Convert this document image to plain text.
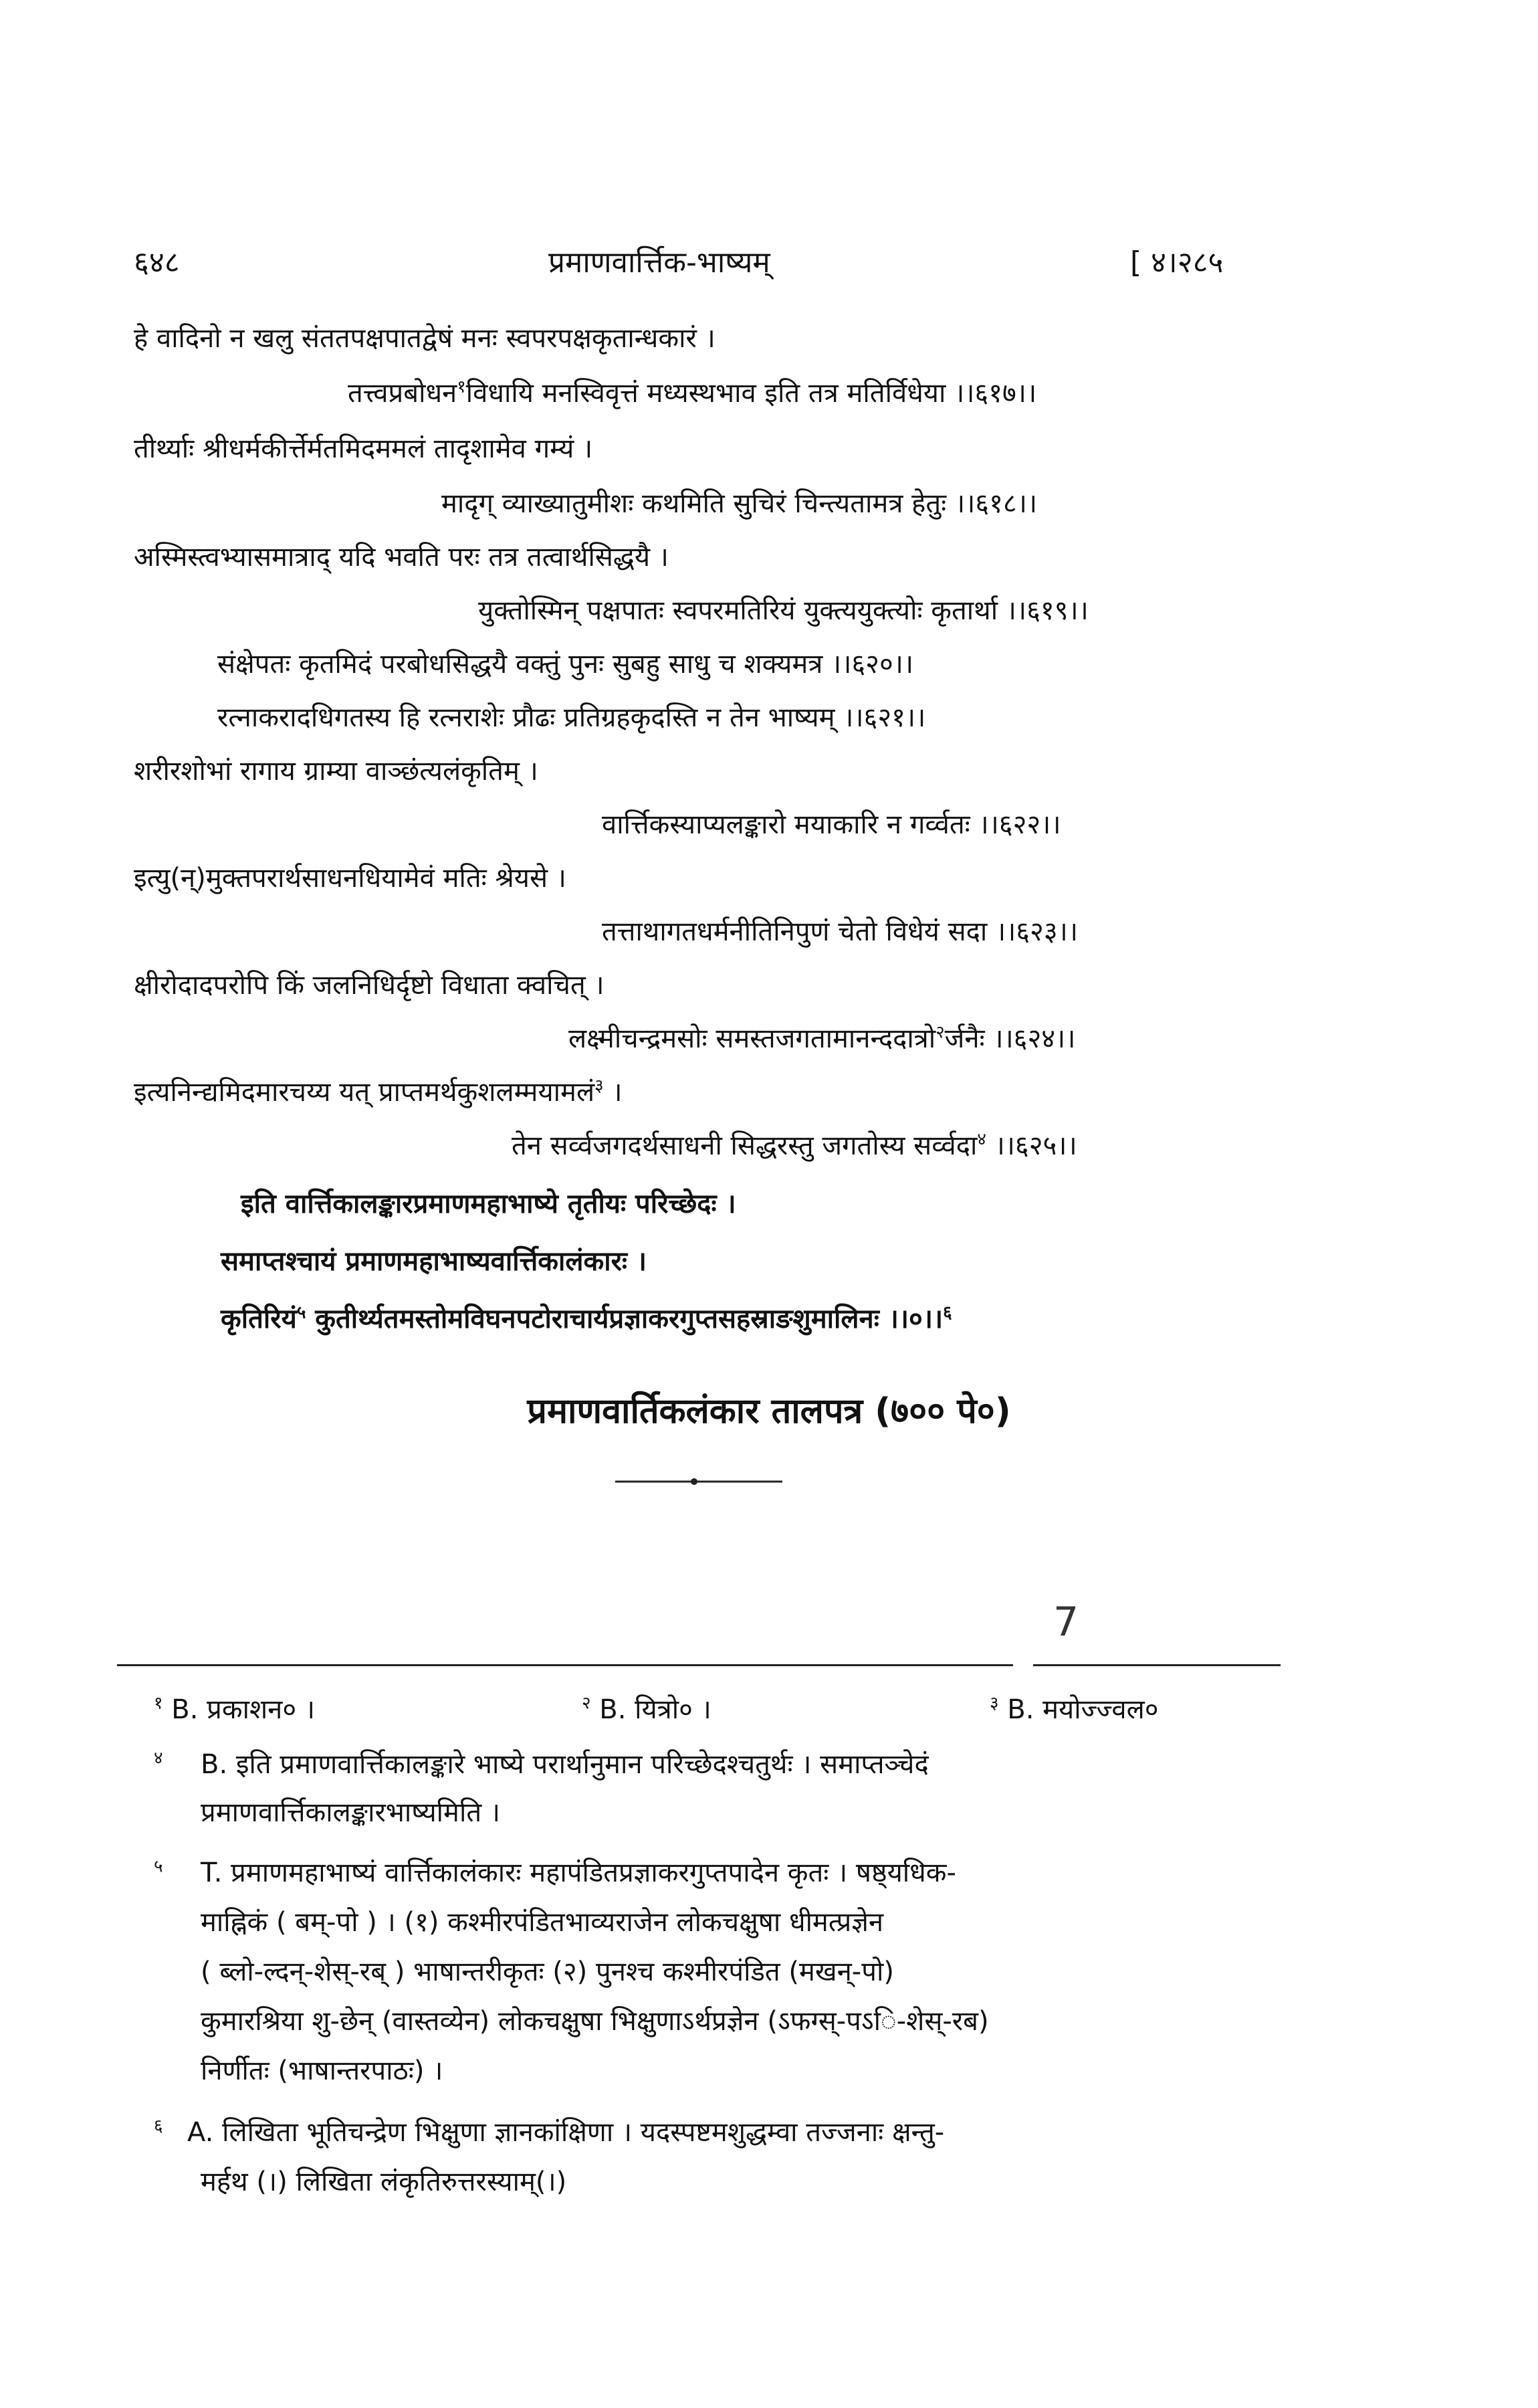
६४८	प्रमाणवार्त्तिक-भाष्यम्	[ ४।२८५
हे वादिनो न खलु संततपक्षपातद्वेषं मनः स्वपरपक्षकृतान्धकारं ।
तत्त्वप्रबोधन$^१$विधायि मनस्विवृत्तं मध्यस्थभाव इति तत्र मतिर्विधेया ।।६१७।।
तीर्थ्याः श्रीधर्मकीर्त्तेर्मतमिदममलं तादृशामेव गम्यं ।
मादृग् व्याख्यातुमीशः कथमिति सुचिरं चिन्त्यतामत्र हेतुः ।।६१८।।
अस्मिस्त्वभ्यासमात्राद् यदि भवति परः तत्र तत्वार्थसिद्धयै ।
युक्तोस्मिन् पक्षपातः स्वपरमतिरियं युक्त्ययुक्त्योः कृतार्था ।।६१९।।
संक्षेपतः कृतमिदं परबोधसिद्धयै वक्तुं पुनः सुबहु साधु च शक्यमत्र ।।६२०।।
रत्नाकरादधिगतस्य हि रत्नराशेः प्रौढः प्रतिग्रहकृदस्ति न तेन भाष्यम् ।।६२१।।
शरीरशोभां रागाय ग्राम्या वाञ्छंत्यलंकृतिम् ।
वार्त्तिकस्याप्यलङ्कारो मयाकारि न गर्व्वतः ।।६२२।।
इत्यु(न्)मुक्तपरार्थसाधनधियामेवं मतिः श्रेयसे ।
तत्ताथागतधर्मनीतिनिपुणं चेतो विधेयं सदा ।।६२३।।
क्षीरोदादपरोपि किं जलनिधिर्दृष्टो विधाता क्वचित् ।
लक्ष्मीचन्द्रमसोः समस्तजगतामानन्ददात्रो$^२$र्जनैः ।।६२४।।
इत्यनिन्द्यमिदमारचय्य यत् प्राप्तमर्थकुशलम्मयामलं$^३$ ।
तेन सर्व्वजगदर्थसाधनी सिद्धरस्तु जगतोस्य सर्व्वदा$^४$ ।।६२५।।
इति वार्त्तिकालङ्कारप्रमाणमहाभाष्ये तृतीयः परिच्छेदः ।
समाप्तश्चायं प्रमाणमहाभाष्यवार्त्तिकालंकारः ।
कृतिरियं$^५$ कुतीर्थ्यतमस्तोमविघनपटोराचार्यप्रज्ञाकरगुप्तसहस्राङशुमालिनः ।।०।।$^६$
प्रमाणवार्तिकलंकार तालपत्र (७०० पे०)
7
$^१$ B. प्रकाशन० ।	$^२$ B. यित्रो० ।	$^३$ B. मयोज्ज्वल०
$^४$ B. इति प्रमाणवार्त्तिकालङ्कारे भाष्ये परार्थानुमान परिच्छेदश्चतुर्थः । समाप्तञ्चेदं
प्रमाणवार्त्तिकालङ्कारभाष्यमिति ।
$^५$ T. प्रमाणमहाभाष्यं वार्त्तिकालंकारः महापंडितप्रज्ञाकरगुप्तपादेन कृतः । षष्ठ्यधिक-
माह्निकं ( बम्-पो ) । (१) कश्मीरपंडितभाव्यराजेन लोकचक्षुषा धीमत्प्रज्ञेन
( ब्लो-ल्दन्-शेस्-रब् ) भाषान्तरीकृतः (२) पुनश्च कश्मीरपंडित (मखन्-पो)
कुमारश्रिया शु-छेन् (वास्तव्येन) लोकचक्षुषा भिक्षुणाऽर्थप्रज्ञेन (ऽफग्स्-पऽि-शेस्-रब)
निर्णीतः (भाषान्तरपाठः) ।
$^६$ A. लिखिता भूतिचन्द्रेण भिक्षुणा ज्ञानकांक्षिणा । यदस्पष्टमशुद्धम्वा तज्जनाः क्षन्तु-
मर्हथ (।) लिखिता लंकृतिरुत्तरस्याम्(।)
